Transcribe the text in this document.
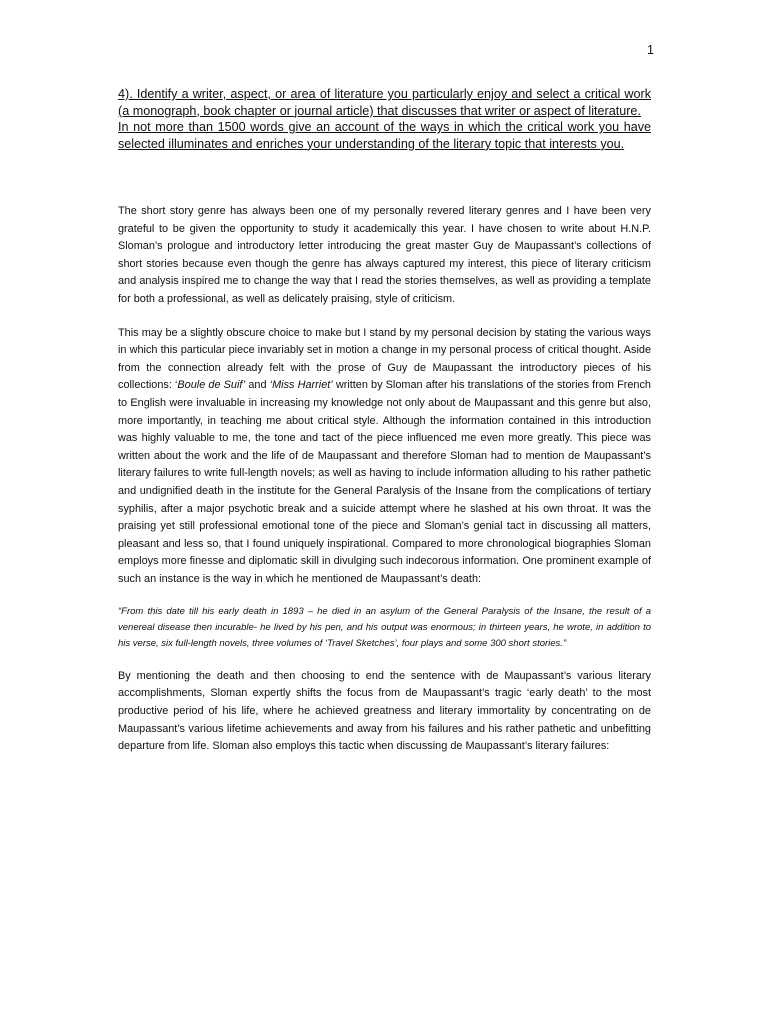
1

4). Identify a writer, aspect, or area of literature you particularly enjoy and select a critical work (a monograph, book chapter or journal article) that discusses that writer or aspect of literature.

In not more than 1500 words give an account of the ways in which the critical work you have selected illuminates and enriches your understanding of the literary topic that interests you.

The short story genre has always been one of my personally revered literary genres and I have been very grateful to be given the opportunity to study it academically this year. I have chosen to write about H.N.P. Sloman’s prologue and introductory letter introducing the great master Guy de Maupassant’s collections of short stories because even though the genre has always captured my interest, this piece of literary criticism and analysis inspired me to change the way that I read the stories themselves, as well as providing a template for both a professional, as well as delicately praising, style of criticism.

This may be a slightly obscure choice to make but I stand by my personal decision by stating the various ways in which this particular piece invariably set in motion a change in my personal process of critical thought. Aside from the connection already felt with the prose of Guy de Maupassant the introductory pieces of his collections: ‘Boule de Suif’ and ‘Miss Harriet’ written by Sloman after his translations of the stories from French to English were invaluable in increasing my knowledge not only about de Maupassant and this genre but also, more importantly, in teaching me about critical style. Although the information contained in this introduction was highly valuable to me, the tone and tact of the piece influenced me even more greatly. This piece was written about the work and the life of de Maupassant and therefore Sloman had to mention de Maupassant’s literary failures to write full-length novels; as well as having to include information alluding to his rather pathetic and undignified death in the institute for the General Paralysis of the Insane from the complications of tertiary syphilis, after a major psychotic break and a suicide attempt where he slashed at his own throat. It was the praising yet still professional emotional tone of the piece and Sloman’s genial tact in discussing all matters, pleasant and less so, that I found uniquely inspirational. Compared to more chronological biographies Sloman employs more finesse and diplomatic skill in divulging such indecorous information. One prominent example of such an instance is the way in which he mentioned de Maupassant’s death:

“From this date till his early death in 1893 – he died in an asylum of the General Paralysis of the Insane, the result of a venereal disease then incurable- he lived by his pen, and his output was enormous; in thirteen years, he wrote, in addition to his verse, six full-length novels, three volumes of ‘Travel Sketches’, four plays and some 300 short stories.”

By mentioning the death and then choosing to end the sentence with de Maupassant’s various literary accomplishments, Sloman expertly shifts the focus from de Maupassant’s tragic ‘early death’ to the most productive period of his life, where he achieved greatness and literary immortality by concentrating on de Maupassant’s various lifetime achievements and away from his failures and his rather pathetic and unbefitting departure from life. Sloman also employs this tactic when discussing de Maupassant’s literary failures:
